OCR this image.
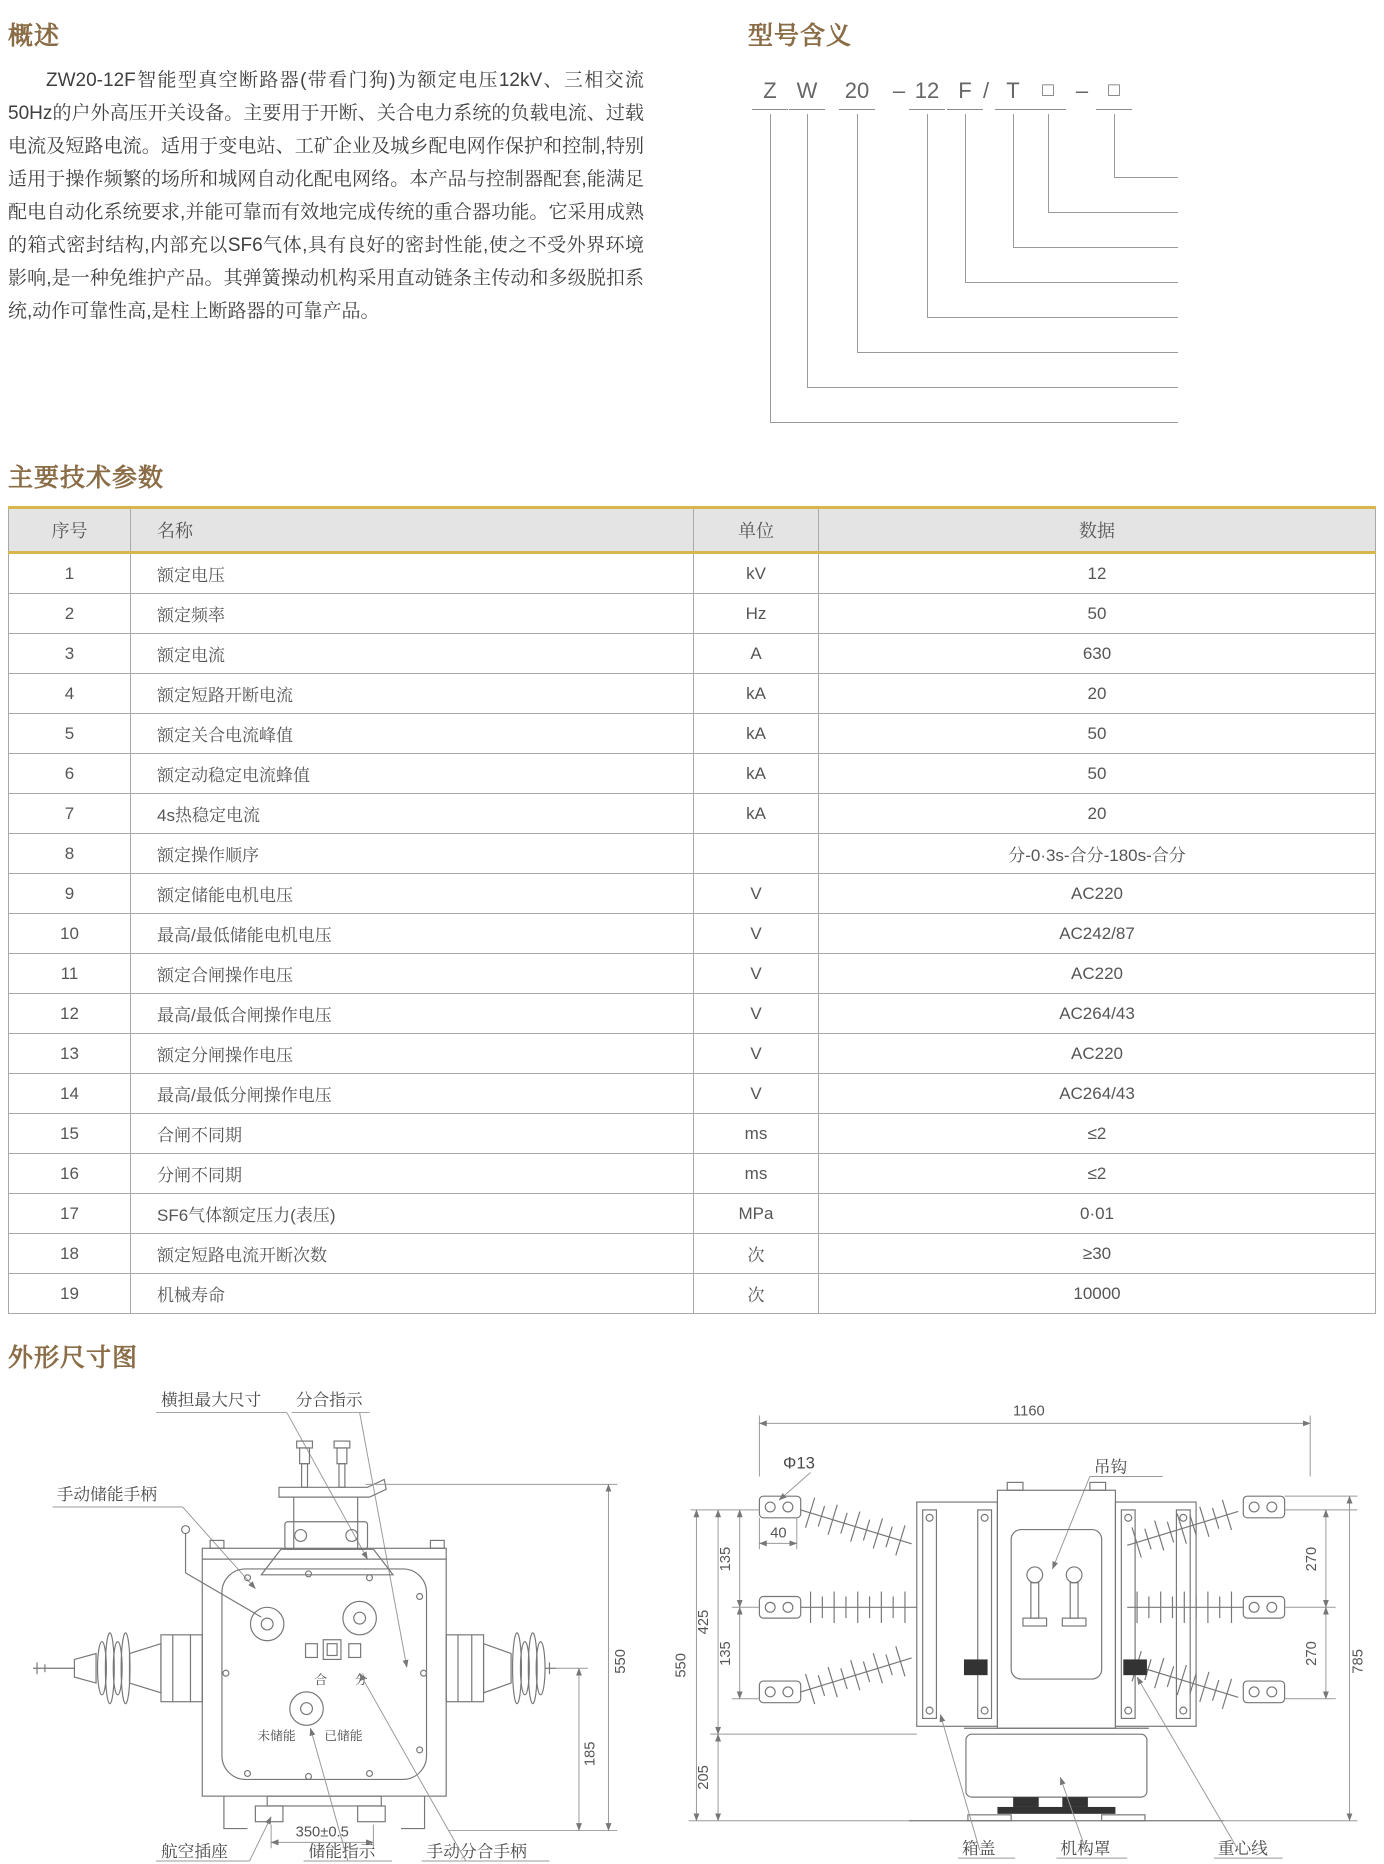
概述

ZW20-12F智能型真空断路器(带看门狗)为额定电压12kV、三相交流50Hz的户外高压开关设备。主要用于开断、关合电力系统的负载电流、过载电流及短路电流。适用于变电站、工矿企业及城乡配电网作保护和控制,特别适用于操作频繁的场所和城网自动化配电网络。本产品与控制器配套,能满足配电自动化系统要求,并能可靠而有效地完成传统的重合器功能。它采用成熟的箱式密封结构,内部充以SF6气体,具有良好的密封性能,使之不受外界环境影响,是一种免维护产品。其弹簧操动机构采用直动链条主传动和多级脱扣系统,动作可靠性高,是柱上断路器的可靠产品。

型号含义
Z W	20	– 12 F / T	□	–	□
主要技术参数
序号	名称	单位	数据
1	额定电压	kV	12
2	额定频率	Hz	50
3	额定电流	A	630
4	额定短路开断电流	kA	20
5	额定关合电流峰值	kA	50
6	额定动稳定电流蜂值	kA	50
7	4s热稳定电流	kA	20
8	额定操作顺序		分-0·3s-合分-180s-合分
9	额定储能电机电压	V	AC220
10	最高/最低储能电机电压	V	AC242/87
11	额定合闸操作电压	V	AC220
12	最高/最低合闸操作电压	V	AC264/43
13	额定分闸操作电压	V	AC220
14	最高/最低分闸操作电压	V	AC264/43
15	合闸不同期	ms	≤2
16	分闸不同期	ms	≤2
17	SF6气体额定压力(表压)	MPa	0·01
18	额定短路电流开断次数	次	≥30
19	机械寿命	次	10000
外形尺寸图
横担最大尺寸 分合指示
手动储能手柄
合 分
未储能 已储能
550
185
350±0.5
航空插座	储能指示	手动分合手柄
1160
Φ13	吊钩
40
550
425
205
135
135
270
270 785
箱盖	机构罩	重心线
